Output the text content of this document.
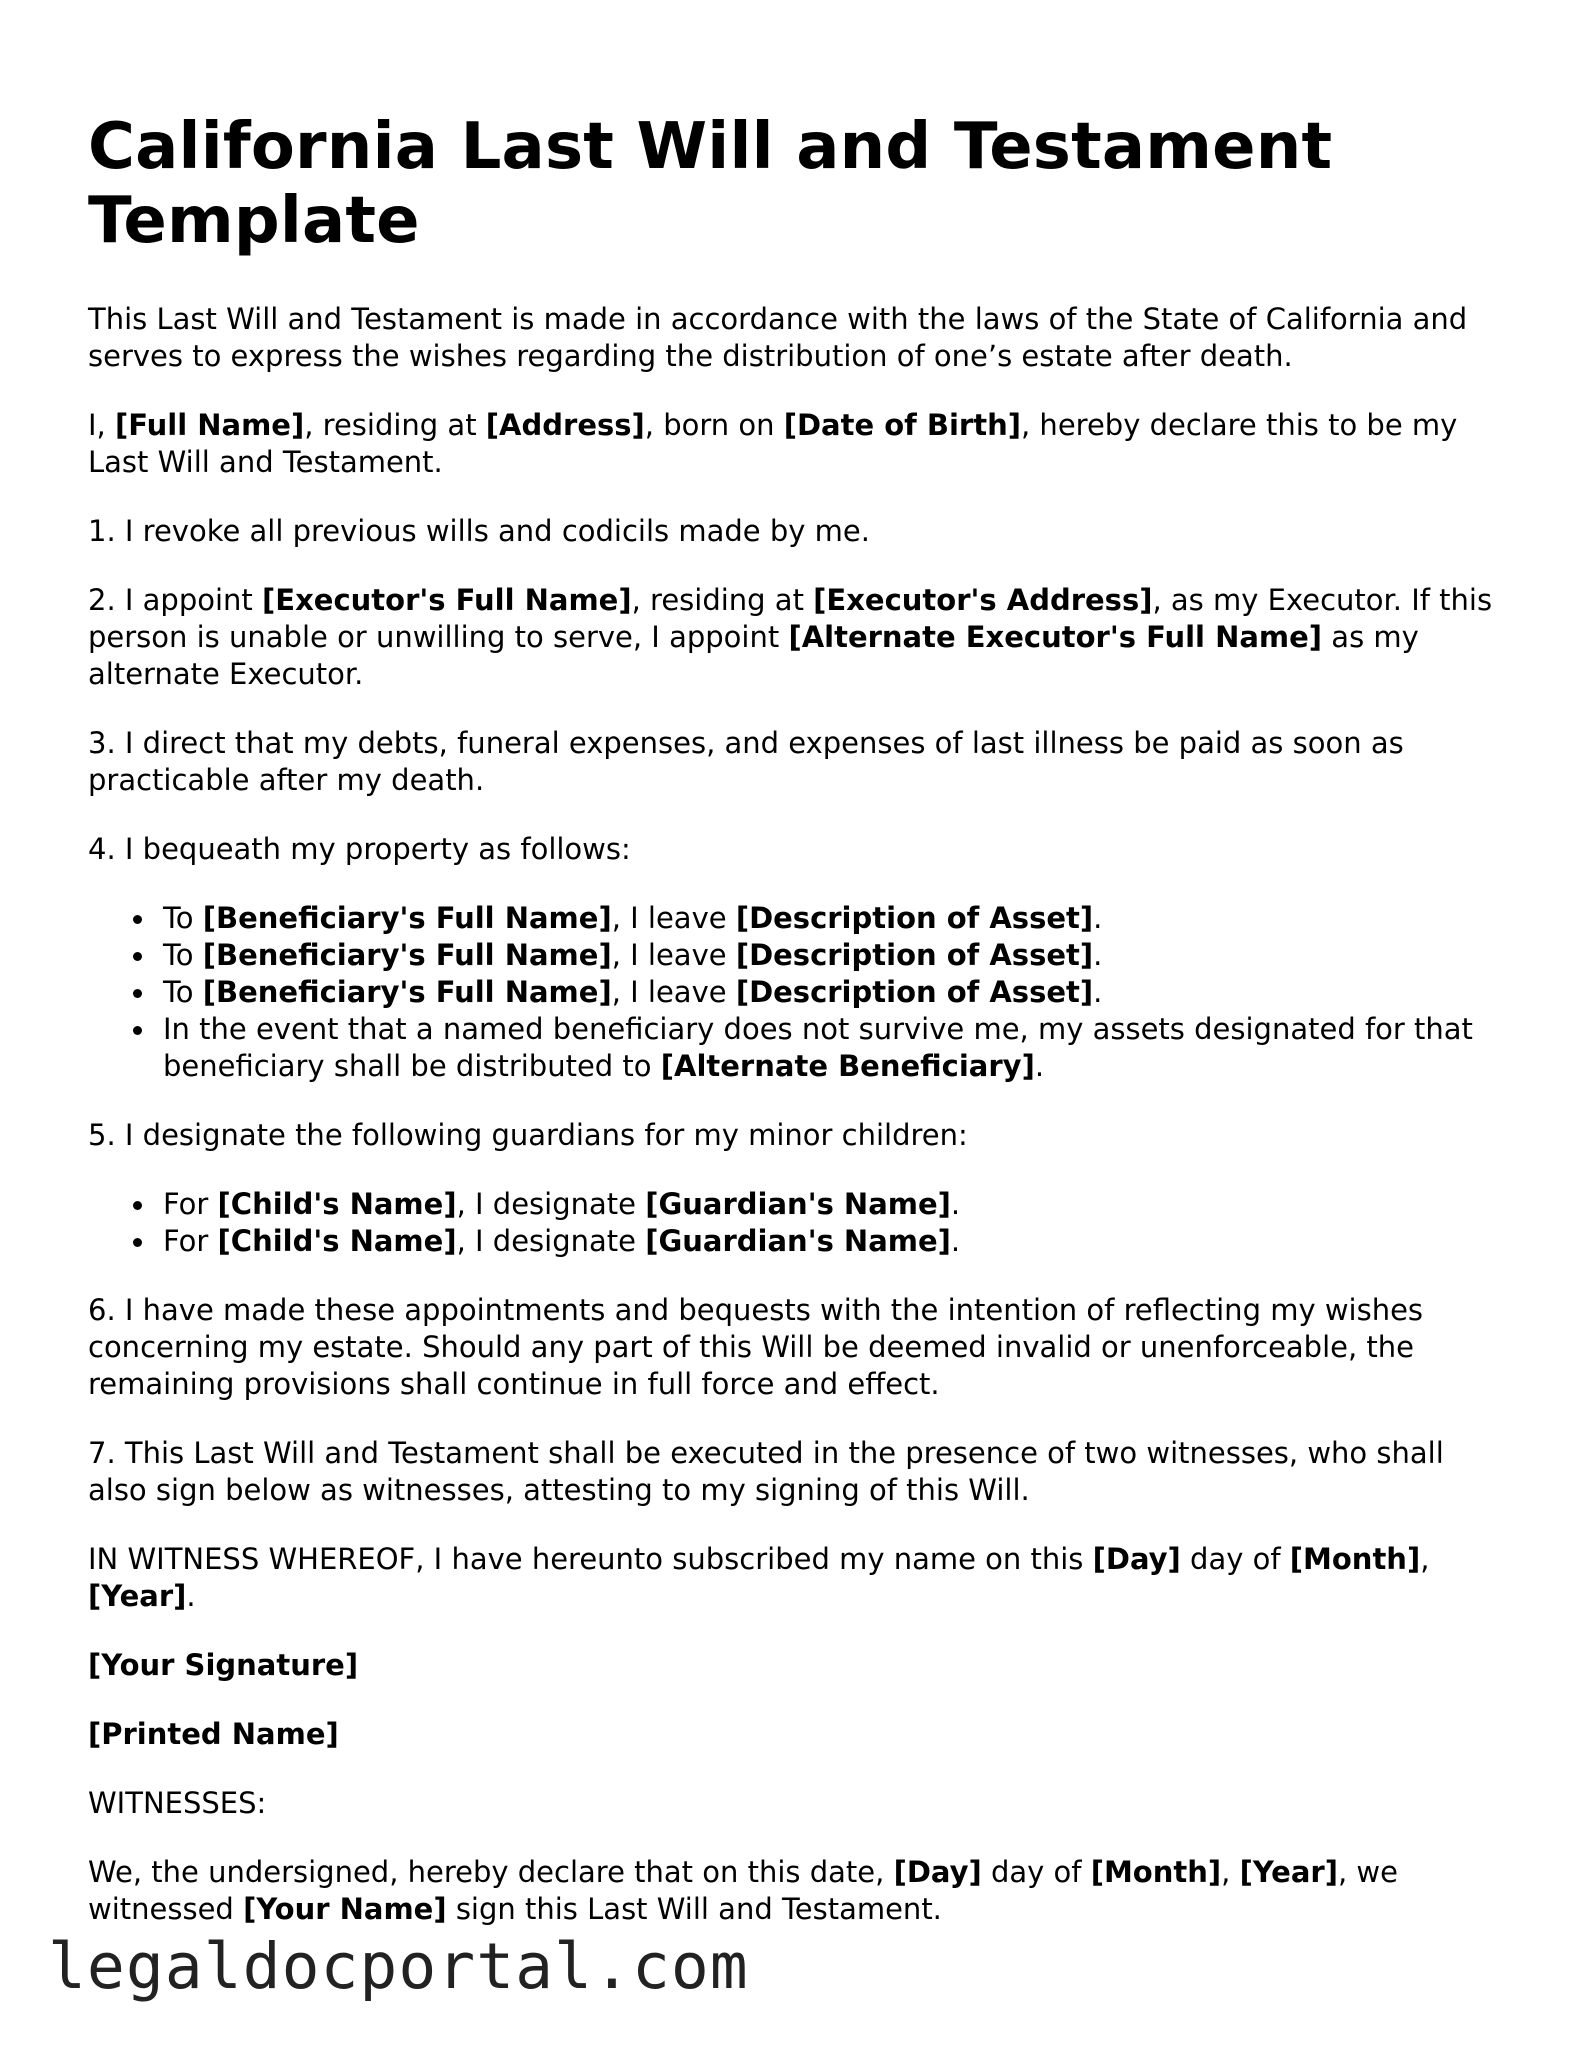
California Last Will and Testament Template

This Last Will and Testament is made in accordance with the laws of the State of California and serves to express the wishes regarding the distribution of one’s estate after death.

I, [Full Name], residing at [Address], born on [Date of Birth], hereby declare this to be my Last Will and Testament.

1. I revoke all previous wills and codicils made by me.

2. I appoint [Executor's Full Name], residing at [Executor's Address], as my Executor. If this person is unable or unwilling to serve, I appoint [Alternate Executor's Full Name] as my alternate Executor.

3. I direct that my debts, funeral expenses, and expenses of last illness be paid as soon as practicable after my death.

4. I bequeath my property as follows:

To [Beneficiary's Full Name], I leave [Description of Asset].
To [Beneficiary's Full Name], I leave [Description of Asset].
To [Beneficiary's Full Name], I leave [Description of Asset].
In the event that a named beneficiary does not survive me, my assets designated for that beneficiary shall be distributed to [Alternate Beneficiary].

5. I designate the following guardians for my minor children:

For [Child's Name], I designate [Guardian's Name].
For [Child's Name], I designate [Guardian's Name].

6. I have made these appointments and bequests with the intention of reflecting my wishes concerning my estate. Should any part of this Will be deemed invalid or unenforceable, the remaining provisions shall continue in full force and effect.

7. This Last Will and Testament shall be executed in the presence of two witnesses, who shall also sign below as witnesses, attesting to my signing of this Will.

IN WITNESS WHEREOF, I have hereunto subscribed my name on this [Day] day of [Month], [Year].

[Your Signature]

[Printed Name]

WITNESSES:

We, the undersigned, hereby declare that on this date, [Day] day of [Month], [Year], we witnessed [Your Name] sign this Last Will and Testament.

legaldocportal.com
